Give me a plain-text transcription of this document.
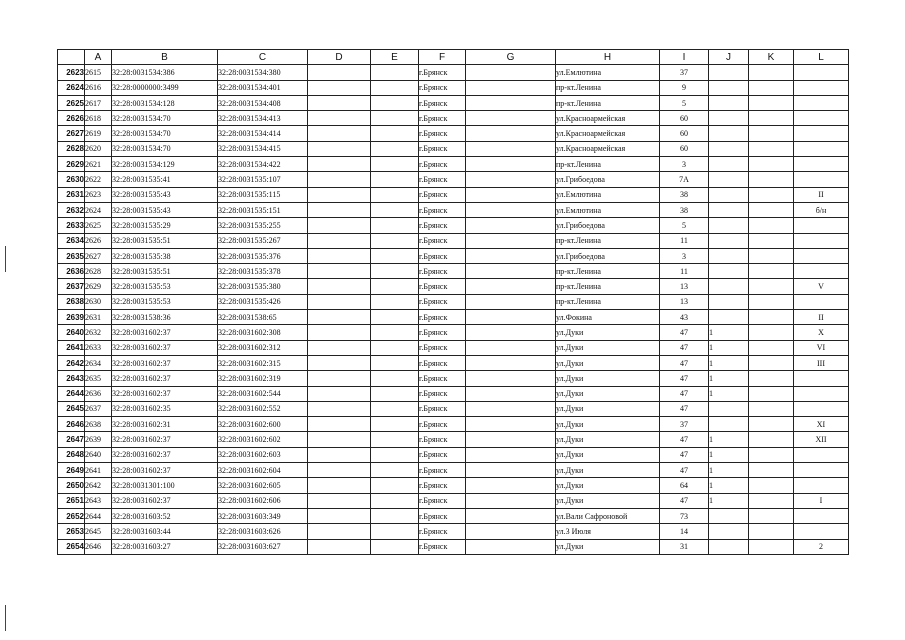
	A	B	C	D	E	F	G	H	I	J	K	L
2623	2615	32:28:0031534:386	32:28:0031534:380			г.Брянск		ул.Емлютина	37			
2624	2616	32:28:0000000:3499	32:28:0031534:401			г.Брянск		пр-кт.Ленина	9			
2625	2617	32:28:0031534:128	32:28:0031534:408			г.Брянск		пр-кт.Ленина	5			
2626	2618	32:28:0031534:70	32:28:0031534:413			г.Брянск		ул.Красноармейская	60			
2627	2619	32:28:0031534:70	32:28:0031534:414			г.Брянск		ул.Красноармейская	60			
2628	2620	32:28:0031534:70	32:28:0031534:415			г.Брянск		ул.Красноармейская	60			
2629	2621	32:28:0031534:129	32:28:0031534:422			г.Брянск		пр-кт.Ленина	3			
2630	2622	32:28:0031535:41	32:28:0031535:107			г.Брянск		ул.Грибоедова	7А			
2631	2623	32:28:0031535:43	32:28:0031535:115			г.Брянск		ул.Емлютина	38			II
2632	2624	32:28:0031535:43	32:28:0031535:151			г.Брянск		ул.Емлютина	38			б/н
2633	2625	32:28:0031535:29	32:28:0031535:255			г.Брянск		ул.Грибоедова	5			
2634	2626	32:28:0031535:51	32:28:0031535:267			г.Брянск		пр-кт.Ленина	11			
2635	2627	32:28:0031535:38	32:28:0031535:376			г.Брянск		ул.Грибоедова	3			
2636	2628	32:28:0031535:51	32:28:0031535:378			г.Брянск		пр-кт.Ленина	11			
2637	2629	32:28:0031535:53	32:28:0031535:380			г.Брянск		пр-кт.Ленина	13			V
2638	2630	32:28:0031535:53	32:28:0031535:426			г.Брянск		пр-кт.Ленина	13			
2639	2631	32:28:0031538:36	32:28:0031538:65			г.Брянск		ул.Фокина	43			II
2640	2632	32:28:0031602:37	32:28:0031602:308			г.Брянск		ул.Дуки	47	1		X
2641	2633	32:28:0031602:37	32:28:0031602:312			г.Брянск		ул.Дуки	47	1		VI
2642	2634	32:28:0031602:37	32:28:0031602:315			г.Брянск		ул.Дуки	47	1		III
2643	2635	32:28:0031602:37	32:28:0031602:319			г.Брянск		ул.Дуки	47	1		
2644	2636	32:28:0031602:37	32:28:0031602:544			г.Брянск		ул.Дуки	47	1		
2645	2637	32:28:0031602:35	32:28:0031602:552			г.Брянск		ул.Дуки	47			
2646	2638	32:28:0031602:31	32:28:0031602:600			г.Брянск		ул.Дуки	37			XI
2647	2639	32:28:0031602:37	32:28:0031602:602			г.Брянск		ул.Дуки	47	1		XII
2648	2640	32:28:0031602:37	32:28:0031602:603			г.Брянск		ул.Дуки	47	1		
2649	2641	32:28:0031602:37	32:28:0031602:604			г.Брянск		ул.Дуки	47	1		
2650	2642	32:28:0031301:100	32:28:0031602:605			г.Брянск		ул.Дуки	64	1		
2651	2643	32:28:0031602:37	32:28:0031602:606			г.Брянск		ул.Дуки	47	1		I
2652	2644	32:28:0031603:52	32:28:0031603:349			г.Брянск		ул.Вали Сафроновой	73			
2653	2645	32:28:0031603:44	32:28:0031603:626			г.Брянск		ул.3 Июля	14			
2654	2646	32:28:0031603:27	32:28:0031603:627			г.Брянск		ул.Дуки	31			2
